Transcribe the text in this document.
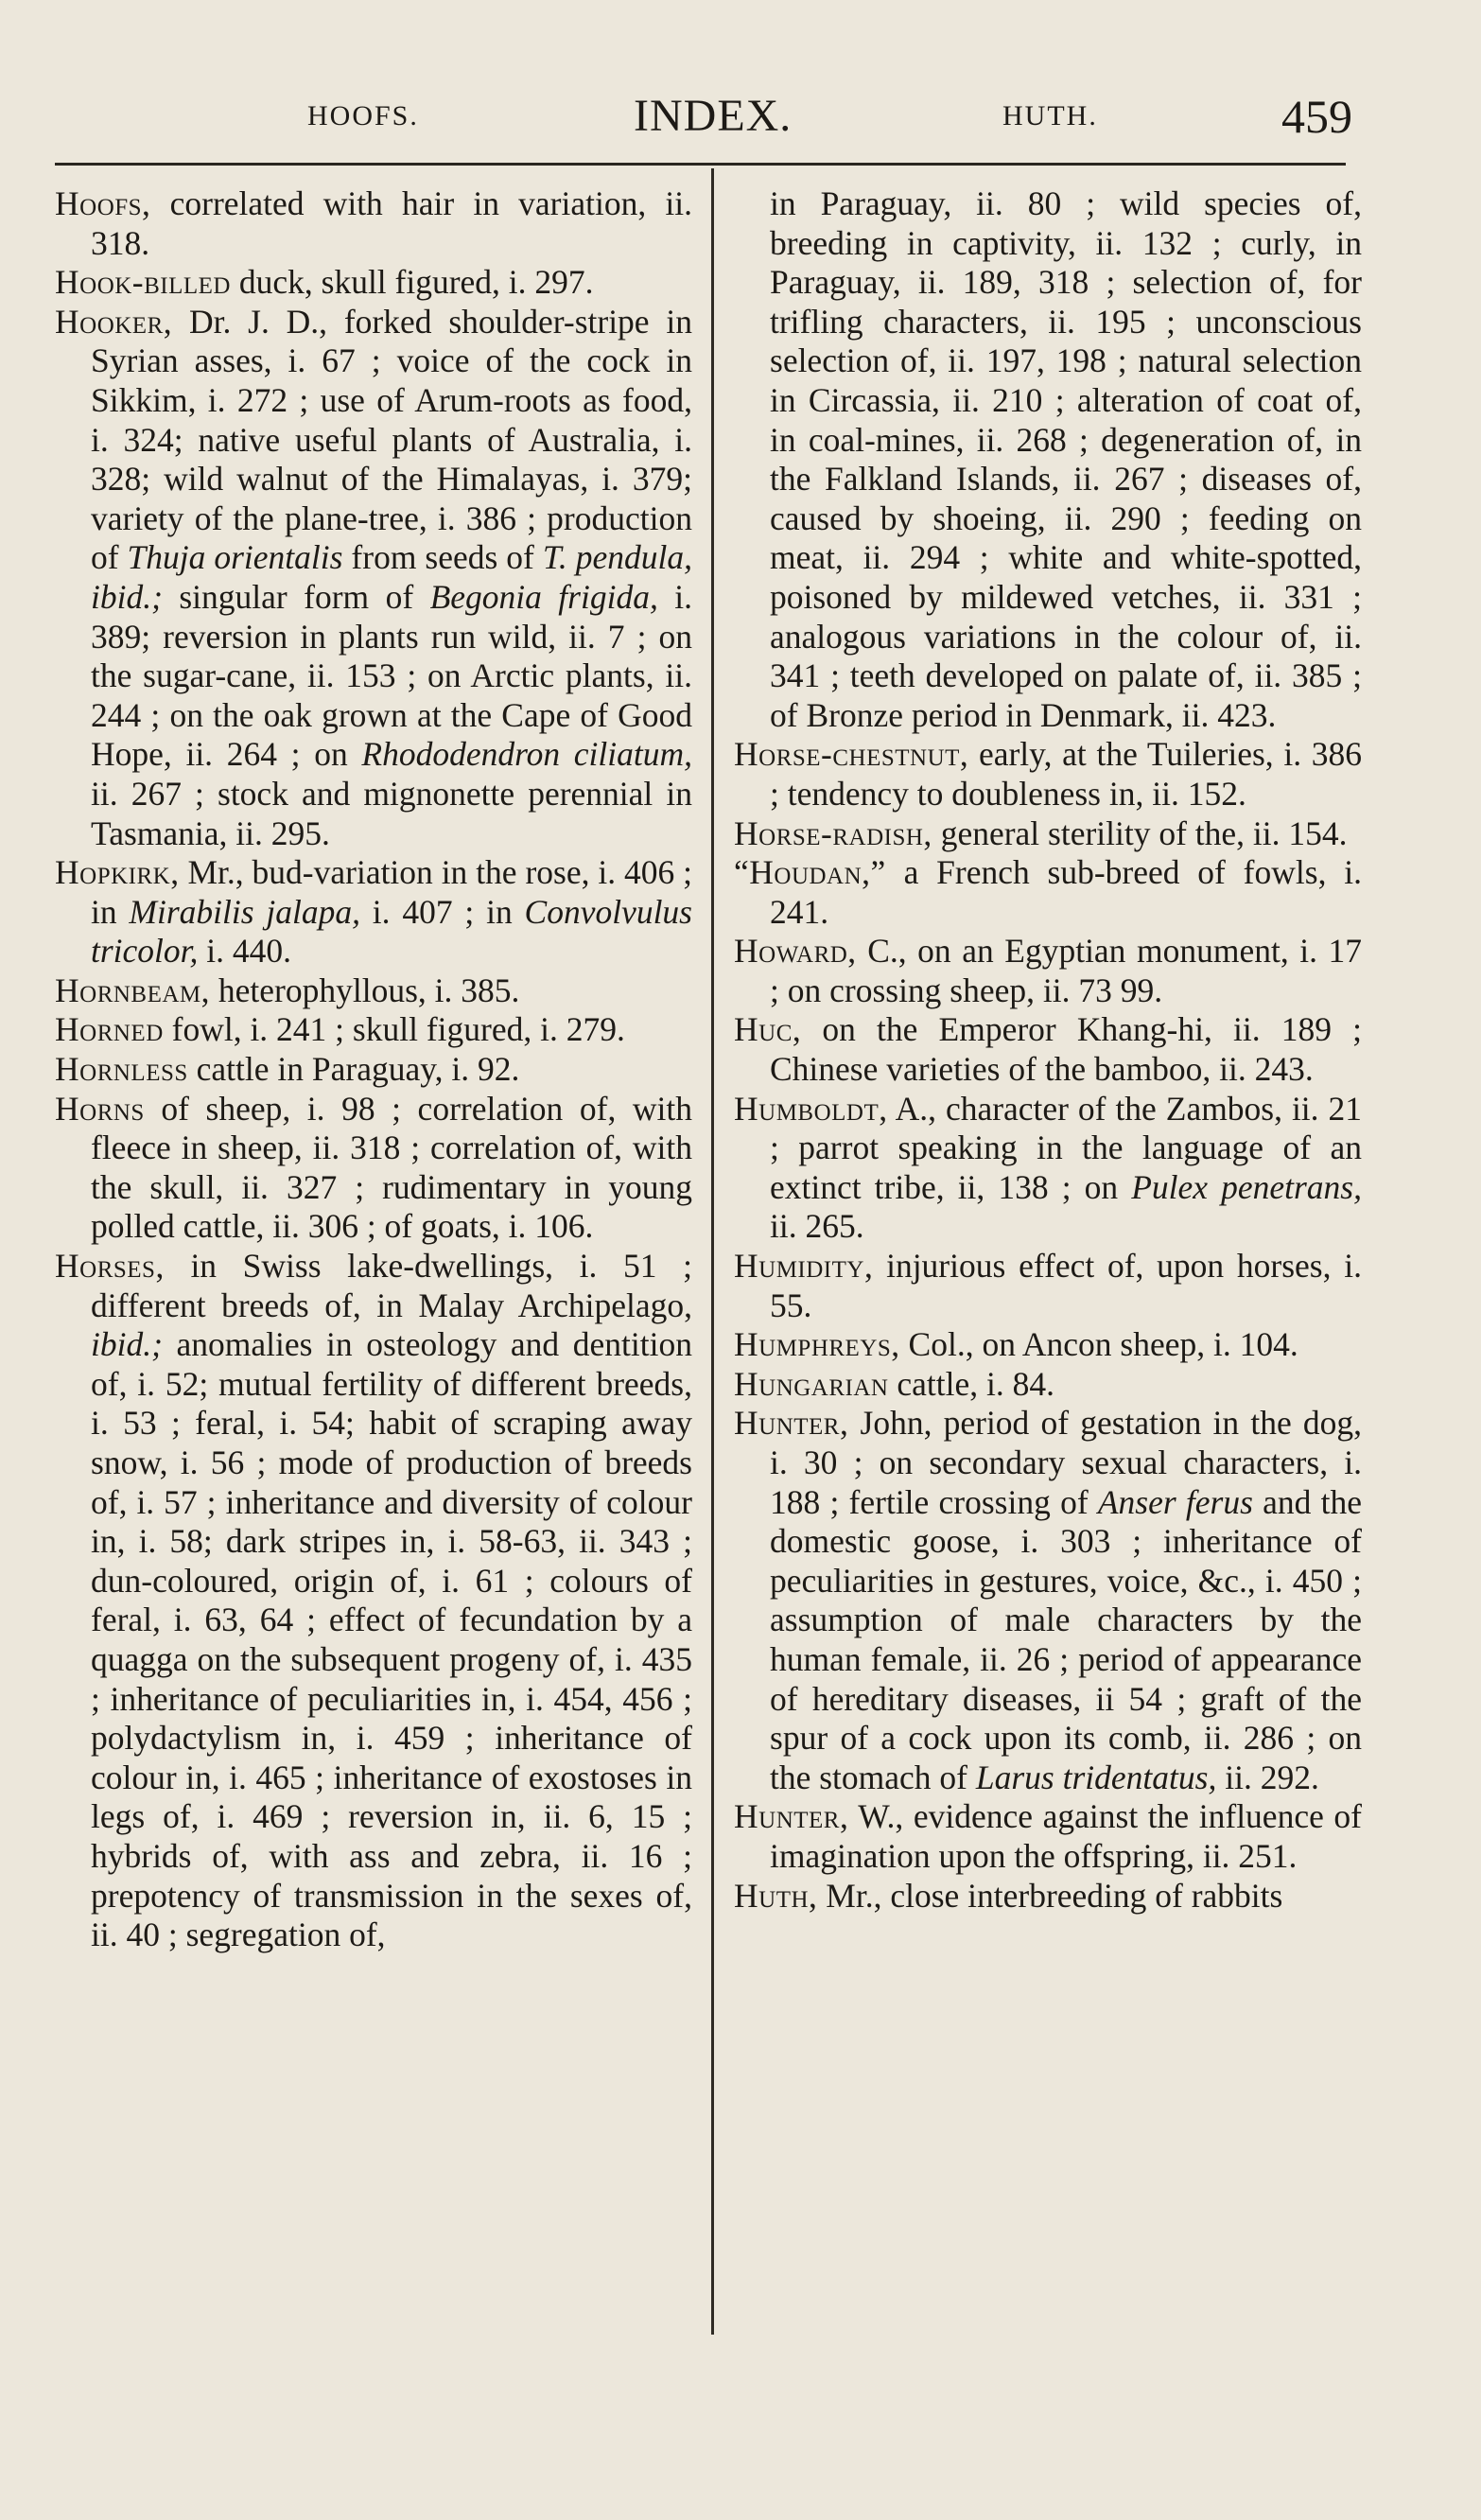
HOOFS.	INDEX.	HUTH.	459

Hoofs, correlated with hair in variation, ii. 318.

Hook-billed duck, skull figured, i. 297.

Hooker, Dr. J. D., forked shoulder-stripe in Syrian asses, i. 67 ; voice of the cock in Sikkim, i. 272 ; use of Arum-roots as food, i. 324; native useful plants of Australia, i. 328; wild walnut of the Himalayas, i. 379; variety of the plane-tree, i. 386 ; production of Thuja orientalis from seeds of T. pendula, ibid.; singular form of Begonia frigida, i. 389; reversion in plants run wild, ii. 7 ; on the sugar-cane, ii. 153 ; on Arctic plants, ii. 244 ; on the oak grown at the Cape of Good Hope, ii. 264 ; on Rhododendron ciliatum, ii. 267 ; stock and mignonette perennial in Tasmania, ii. 295.

Hopkirk, Mr., bud-variation in the rose, i. 406 ; in Mirabilis jalapa, i. 407 ; in Convolvulus tricolor, i. 440.

Hornbeam, heterophyllous, i. 385.

Horned fowl, i. 241 ; skull figured, i. 279.

Hornless cattle in Paraguay, i. 92.

Horns of sheep, i. 98 ; correlation of, with fleece in sheep, ii. 318 ; correlation of, with the skull, ii. 327 ; rudimentary in young polled cattle, ii. 306 ; of goats, i. 106.

Horses, in Swiss lake-dwellings, i. 51 ; different breeds of, in Malay Archipelago, ibid.; anomalies in osteology and dentition of, i. 52; mutual fertility of different breeds, i. 53 ; feral, i. 54; habit of scraping away snow, i. 56 ; mode of production of breeds of, i. 57 ; inheritance and diversity of colour in, i. 58; dark stripes in, i. 58-63, ii. 343 ; dun-coloured, origin of, i. 61 ; colours of feral, i. 63, 64 ; effect of fecundation by a quagga on the subsequent progeny of, i. 435 ; inheritance of peculiarities in, i. 454, 456 ; polydactylism in, i. 459 ; inheritance of colour in, i. 465 ; inheritance of exostoses in legs of, i. 469 ; reversion in, ii. 6, 15 ; hybrids of, with ass and zebra, ii. 16 ; prepotency of transmission in the sexes of, ii. 40 ; segregation of,

in Paraguay, ii. 80 ; wild species of, breeding in captivity, ii. 132 ; curly, in Paraguay, ii. 189, 318 ; selection of, for trifling characters, ii. 195 ; unconscious selection of, ii. 197, 198 ; natural selection in Circassia, ii. 210 ; alteration of coat of, in coal-mines, ii. 268 ; degeneration of, in the Falkland Islands, ii. 267 ; diseases of, caused by shoeing, ii. 290 ; feeding on meat, ii. 294 ; white and white-spotted, poisoned by mildewed vetches, ii. 331 ; analogous variations in the colour of, ii. 341 ; teeth developed on palate of, ii. 385 ; of Bronze period in Denmark, ii. 423.

Horse-chestnut, early, at the Tuileries, i. 386 ; tendency to doubleness in, ii. 152.

Horse-radish, general sterility of the, ii. 154.

“Houdan,” a French sub-breed of fowls, i. 241.

Howard, C., on an Egyptian monument, i. 17 ; on crossing sheep, ii. 73 99.

Huc, on the Emperor Khang-hi, ii. 189 ; Chinese varieties of the bamboo, ii. 243.

Humboldt, A., character of the Zambos, ii. 21 ; parrot speaking in the language of an extinct tribe, ii, 138 ; on Pulex penetrans, ii. 265.

Humidity, injurious effect of, upon horses, i. 55.

Humphreys, Col., on Ancon sheep, i. 104.

Hungarian cattle, i. 84.

Hunter, John, period of gestation in the dog, i. 30 ; on secondary sexual characters, i. 188 ; fertile crossing of Anser ferus and the domestic goose, i. 303 ; inheritance of peculiarities in gestures, voice, &c., i. 450 ; assumption of male characters by the human female, ii. 26 ; period of appearance of hereditary diseases, ii 54 ; graft of the spur of a cock upon its comb, ii. 286 ; on the stomach of Larus tridentatus, ii. 292.

Hunter, W., evidence against the influence of imagination upon the offspring, ii. 251.

Huth, Mr., close interbreeding of rabbits
